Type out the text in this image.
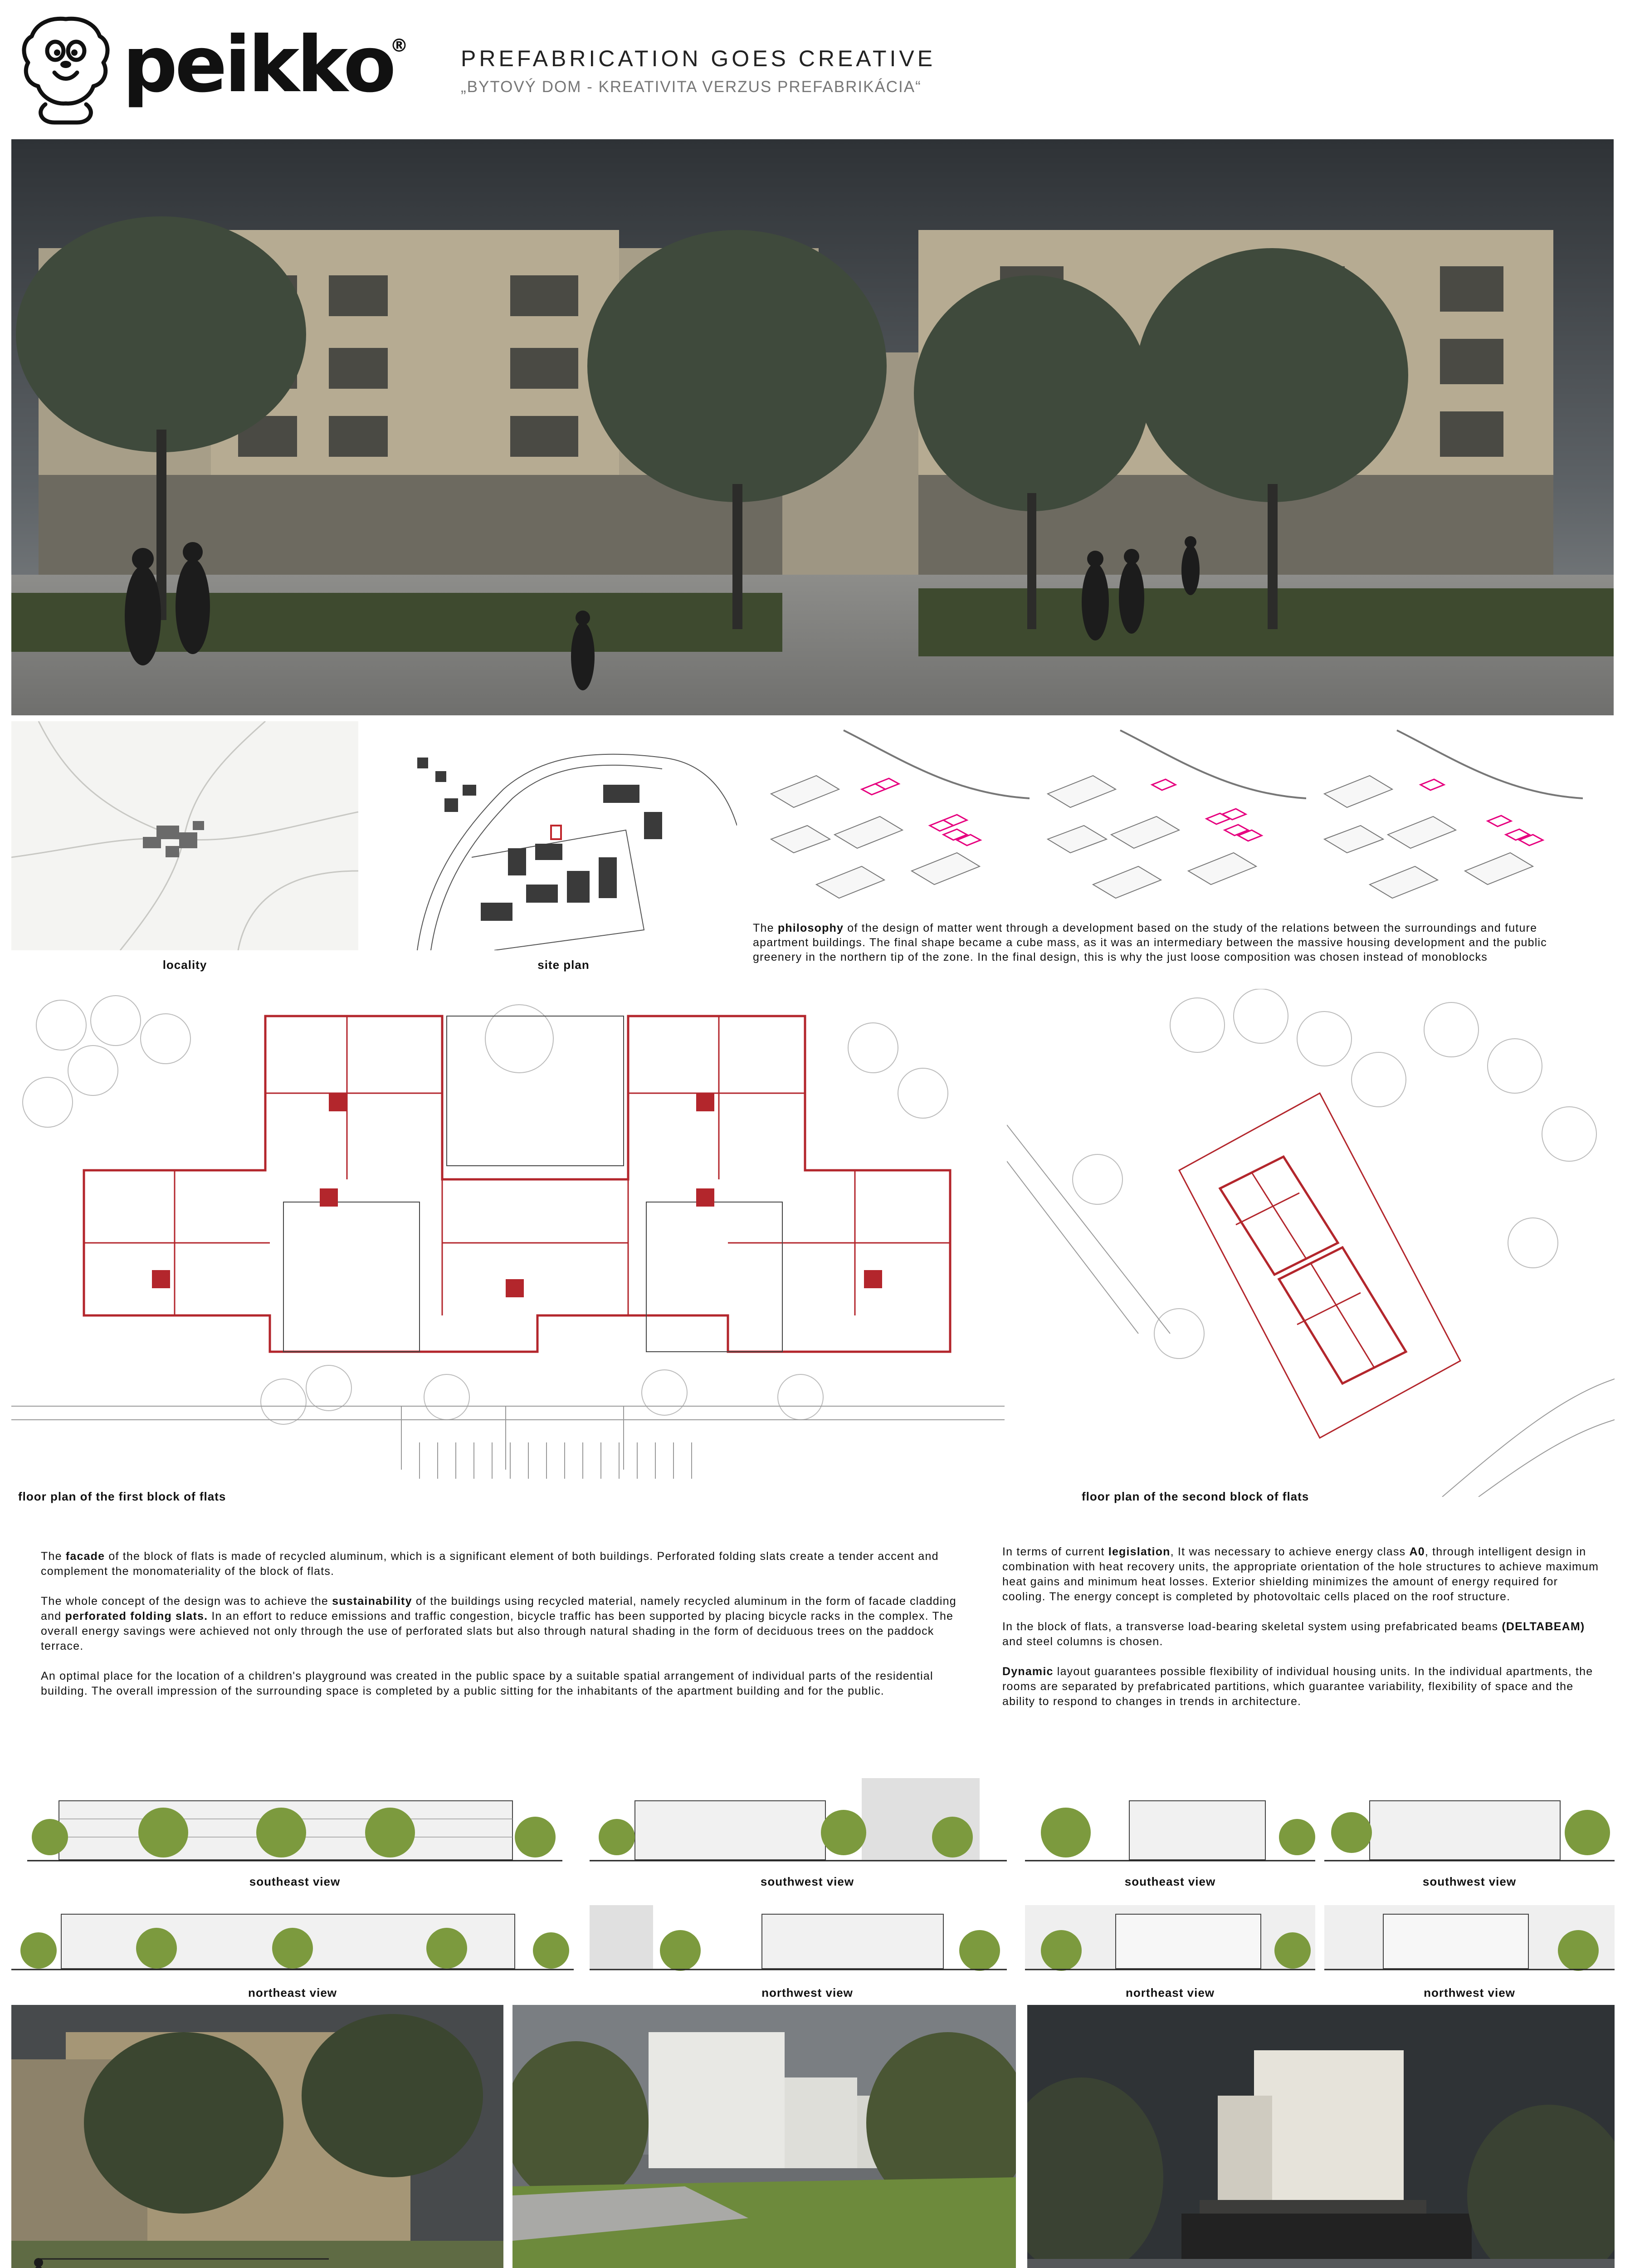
peikko
® PREFABRICATION GOES CREATIVE
„BYTOVÝ DOM - KREATIVITA VERZUS PREFABRIKÁCIA“
locality	site plan
The philosophy of the design of matter went through a development based on the study of the relations between the surroundings and future apartment buildings. The final shape became a cube mass, as it was an intermediary between the massive housing development and the public greenery in the northern tip of the zone. In the final design, this is why the just loose composition was chosen instead of monoblocks
floor plan of the first block of flats	floor plan of the second block of flats

The facade of the block of flats is made of recycled aluminum, which is a significant element of both buildings. Perforated folding slats create a tender accent and complement the monomateriality of the block of flats.

The whole concept of the design was to achieve the sustainability of the buildings using recycled material, namely recycled aluminum in the form of facade cladding and perforated folding slats. In an effort to reduce emissions and traffic congestion, bicycle traffic has been supported by placing bicycle racks in the complex. The overall energy savings were achieved not only through the use of perforated slats but also through natural shading in the form of deciduous trees on the paddock terrace.

An optimal place for the location of a children's playground was created in the public space by a suitable spatial arrangement of individual parts of the residential building. The overall impression of the surrounding space is completed by a public sitting for the inhabitants of the apartment building and for the public.

In terms of current legislation, It was necessary to achieve energy class A0, through intelligent design in combination with heat recovery units, the appropriate orientation of the hole structures to achieve maximum heat gains and minimum heat losses. Exterior shielding minimizes the amount of energy required for cooling. The energy concept is completed by photovoltaic cells placed on the roof structure.

In the block of flats, a transverse load-bearing skeletal system using prefabricated beams (DELTABEAM) and steel columns is chosen.

Dynamic layout guarantees possible flexibility of individual housing units. In the individual apartments, the rooms are separated by prefabricated partitions, which guarantee variability, flexibility of space and the ability to respond to changes in trends in architecture.

southeast view	southwest view	southeast view	southwest view
northeast view	northwest view	northeast view	northwest view
